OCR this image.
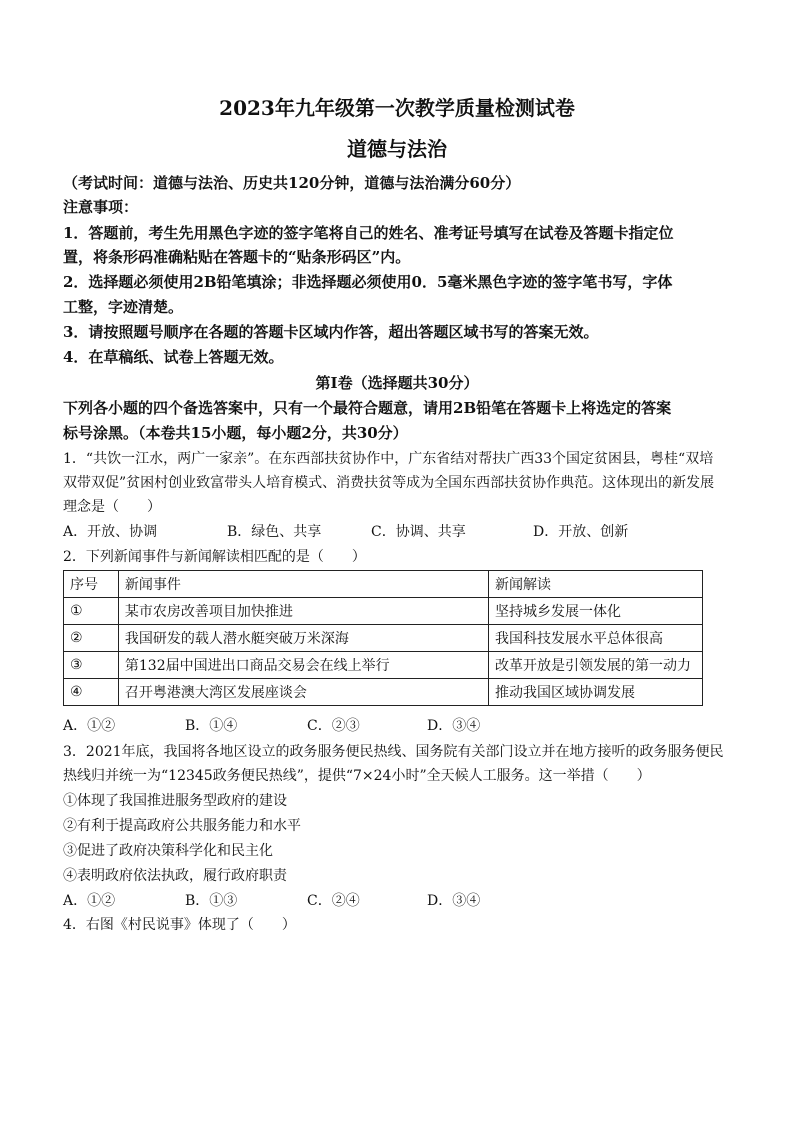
2023年九年级第一次教学质量检测试卷
道德与法治
（考试时间：道德与法治、历史共120分钟，道德与法治满分60分）
注意事项：
1．答题前，考生先用黑色字迹的签字笔将自己的姓名、准考证号填写在试卷及答题卡指定位
置，将条形码准确粘贴在答题卡的“贴条形码区”内。
2．选择题必须使用2B铅笔填涂；非选择题必须使用0．5毫米黑色字迹的签字笔书写，字体
工整，字迹清楚。
3．请按照题号顺序在各题的答题卡区域内作答，超出答题区域书写的答案无效。
4．在草稿纸、试卷上答题无效。
第Ⅰ卷（选择题共30分）
下列各小题的四个备选答案中，只有一个最符合题意，请用2B铅笔在答题卡上将选定的答案
标号涂黑。（本卷共15小题，每小题2分，共30分）
1．“共饮一江水，两广一家亲”。在东西部扶贫协作中，广东省结对帮扶广西33个国定贫困县，粤桂“双培
双带双促”贫困村创业致富带头人培育模式、消费扶贫等成为全国东西部扶贫协作典范。这体现出的新发展
理念是（　　）
A．开放、协调	B．绿色、共享	C．协调、共享	D．开放、创新
2．下列新闻事件与新闻解读相匹配的是（　　）
序号	新闻事件	新闻解读
①	某市农房改善项目加快推进	坚持城乡发展一体化
②	我国研发的载人潜水艇突破万米深海	我国科技发展水平总体很高
③	第132届中国进出口商品交易会在线上举行	改革开放是引领发展的第一动力
④	召开粤港澳大湾区发展座谈会	推动我国区域协调发展
A．①②	B．①④	C．②③	D．③④
3．2021年底，我国将各地区设立的政务服务便民热线、国务院有关部门设立并在地方接听的政务服务便民
热线归并统一为“12345政务便民热线”，提供“7×24小时”全天候人工服务。这一举措（　　）
①体现了我国推进服务型政府的建设
②有利于提高政府公共服务能力和水平
③促进了政府决策科学化和民主化
④表明政府依法执政，履行政府职责
A．①②	B．①③	C．②④	D．③④
4．右图《村民说事》体现了（　　）
